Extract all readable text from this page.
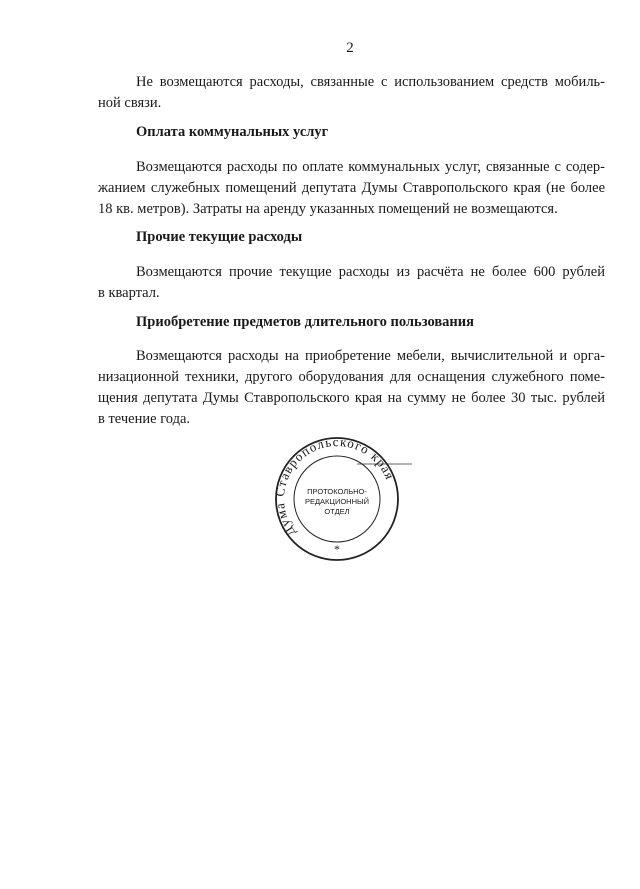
2
Не возмещаются расходы, связанные с использованием средств мобиль-
ной связи.
Оплата коммунальных услуг
Возмещаются расходы по оплате коммунальных услуг, связанные с содер-
жанием служебных помещений депутата Думы Ставропольского края (не более
18 кв. метров). Затраты на аренду указанных помещений не возмещаются.
Прочие текущие расходы
Возмещаются прочие текущие расходы из расчёта не более 600 рублей
в квартал.
Приобретение предметов длительного пользования
Возмещаются расходы на приобретение мебели, вычислительной и орга-
низационной техники, другого оборудования для оснащения служебного поме-
щения депутата Думы Ставропольского края на сумму не более 30 тыс. рублей
в течение года.
Дума Ставропольского края
ПРОТОКОЛЬНО-
РЕДАКЦИОННЫЙ
ОТДЕЛ
*
